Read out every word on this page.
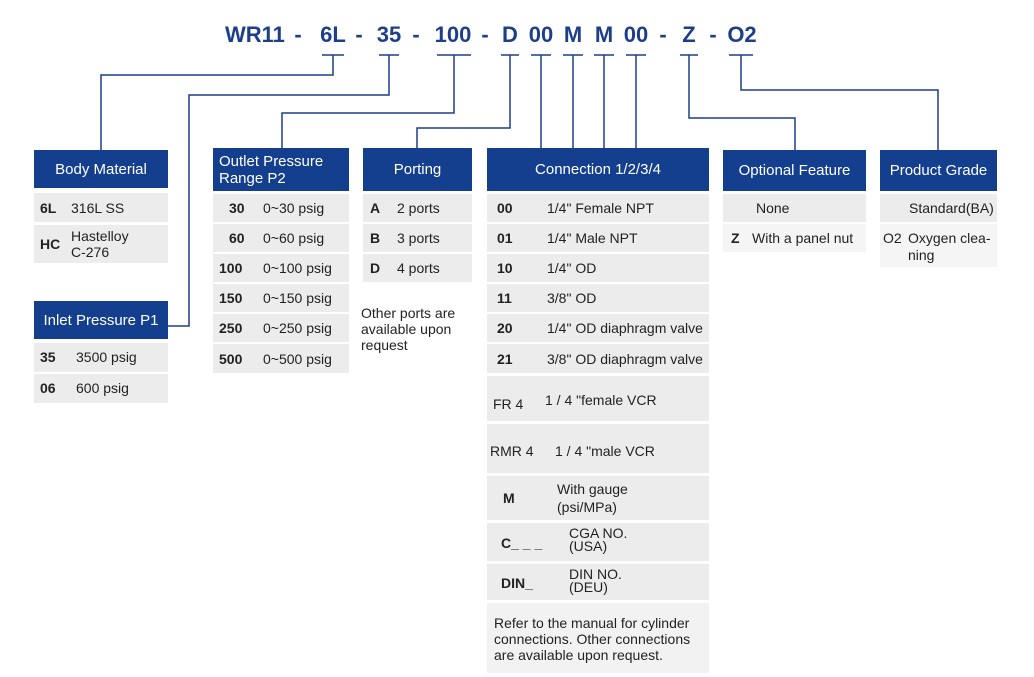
WR11 - 6L - 35 - 100 - D 00 M M 00 - Z - O2
Body Material
6L 316L SS
HC Hastelloy C-276
Inlet Pressure P1
35 3500 psig
06 600 psig
Outlet Pressure
Range P2
30 0~30 psig
60 0~60 psig
100 0~100 psig
150 0~150 psig
250 0~250 psig
500 0~500 psig
Porting
A 2 ports
B 3 ports
D 4 ports
Other ports are available upon request
Connection 1/2/3/4
00 1/4" Female NPT
01 1/4" Male NPT
10 1/4" OD
11	3/8" OD
20 1/4" OD diaphragm valve
21 3/8" OD diaphragm valve
FR 4 1 / 4 "female VCR
RMR 4 1 / 4 "male VCR
M
With gauge (psi/MPa)
C_ _ _
CGA NO. (USA)
DIN_
DIN NO. (DEU)
Refer to the manual for cylinder connections. Other connections are available upon request.
Optional Feature
None
Z With a panel nut
Product Grade
Standard(BA)
O2 Oxygen clea- ning
